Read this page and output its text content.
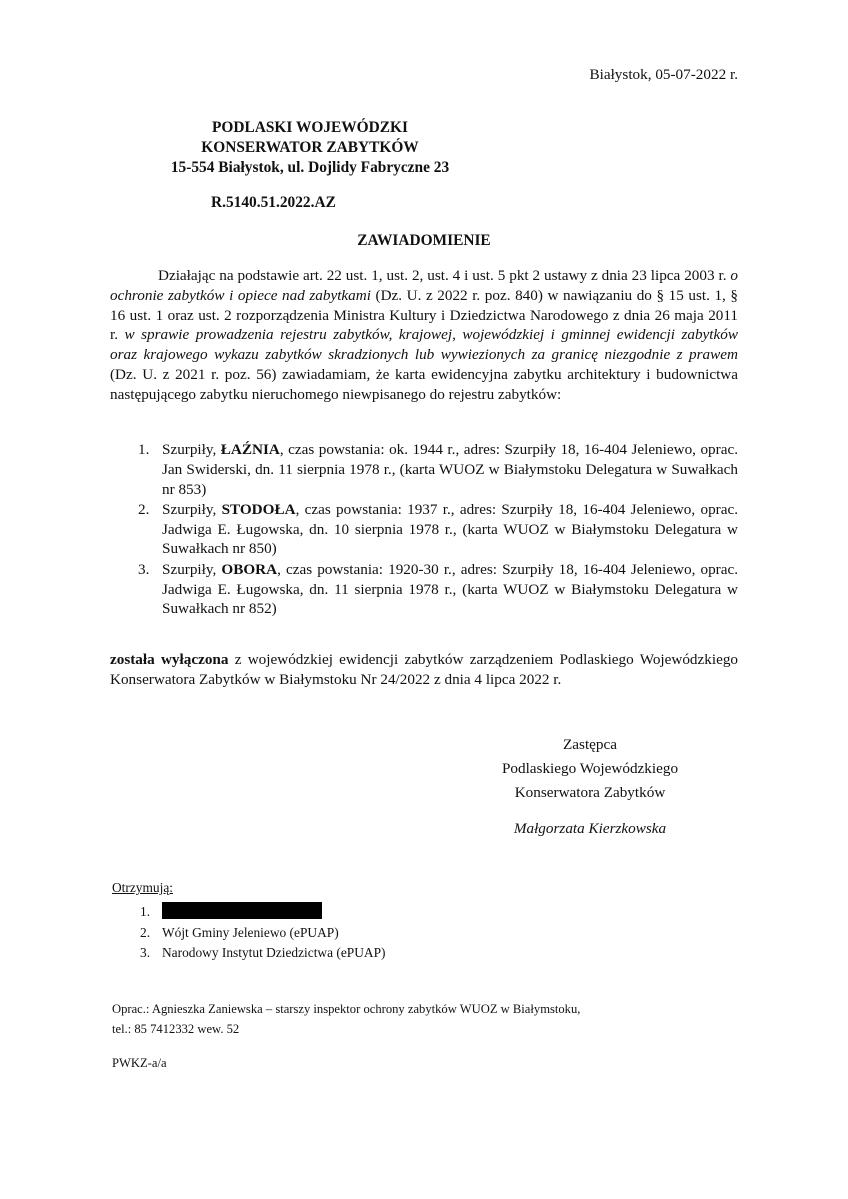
Białystok, 05-07-2022 r.
PODLASKI WOJEWÓDZKI
KONSERWATOR ZABYTKÓW
15-554 Białystok, ul. Dojlidy Fabryczne 23
R.5140.51.2022.AZ
ZAWIADOMIENIE
Działając na podstawie art. 22 ust. 1, ust. 2, ust. 4 i ust. 5 pkt 2 ustawy z dnia 23 lipca 2003 r. o ochronie zabytków i opiece nad zabytkami (Dz. U. z 2022 r. poz. 840) w nawiązaniu do § 15 ust. 1, § 16 ust. 1 oraz ust. 2 rozporządzenia Ministra Kultury i Dziedzictwa Narodowego z dnia 26 maja 2011 r. w sprawie prowadzenia rejestru zabytków, krajowej, wojewódzkiej i gminnej ewidencji zabytków oraz krajowego wykazu zabytków skradzionych lub wywiezionych za granicę niezgodnie z prawem (Dz. U. z 2021 r. poz. 56) zawiadamiam, że karta ewidencyjna zabytku architektury i budownictwa następującego zabytku nieruchomego niewpisanego do rejestru zabytków:
1. Szurpiły, ŁAŹNIA, czas powstania: ok. 1944 r., adres: Szurpiły 18, 16-404 Jeleniewo, oprac. Jan Swiderski, dn. 11 sierpnia 1978 r., (karta WUOZ w Białymstoku Delegatura w Suwałkach nr 853)
2. Szurpiły, STODOŁA, czas powstania: 1937 r., adres: Szurpiły 18, 16-404 Jeleniewo, oprac. Jadwiga E. Ługowska, dn. 10 sierpnia 1978 r., (karta WUOZ w Białymstoku Delegatura w Suwałkach nr 850)
3. Szurpiły, OBORA, czas powstania: 1920-30 r., adres: Szurpiły 18, 16-404 Jeleniewo, oprac. Jadwiga E. Ługowska, dn. 11 sierpnia 1978 r., (karta WUOZ w Białymstoku Delegatura w Suwałkach nr 852)
została wyłączona z wojewódzkiej ewidencji zabytków zarządzeniem Podlaskiego Wojewódzkiego Konserwatora Zabytków w Białymstoku Nr 24/2022 z dnia 4 lipca 2022 r.
Zastępca
Podlaskiego Wojewódzkiego
Konserwatora Zabytków
Małgorzata Kierzkowska
Otrzymują:
1.
2. Wójt Gminy Jeleniewo (ePUAP)
3. Narodowy Instytut Dziedzictwa (ePUAP)
Oprac.: Agnieszka Zaniewska – starszy inspektor ochrony zabytków WUOZ w Białymstoku,
tel.: 85 7412332 wew. 52
PWKZ-a/a
